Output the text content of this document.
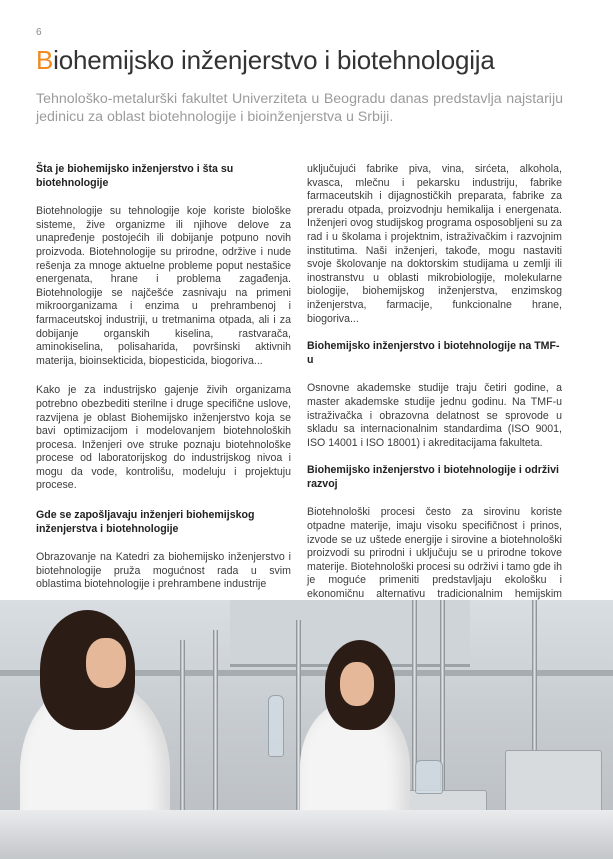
6
Biohemijsko inženjerstvo i biotehnologija

Tehnološko-metalurški fakultet Univerziteta u Beogradu danas predstavlja najstariju jedinicu za oblast biotehnologije i bioinženjerstva u Srbiji.

Šta je biohemijsko inženjerstvo i šta su biotehnologije

Biotehnologije su tehnologije koje koriste biološke sisteme, žive organizme ili njihove delove za unapređenje postojećih ili dobijanje potpuno novih proizvoda. Biotehnologije su prirodne, održive i nude rešenja za mnoge aktuelne probleme poput nestašice energenata, hrane i problema zagađenja. Biotehnologije se najčešće zasnivaju na primeni mikroorganizama i enzima u prehrambenoj i farmaceutskoj industriji, u tretmanima otpada, ali i za dobijanje organskih kiselina, rastvarača, aminokiselina, polisaharida, površinski aktivnih materija, bioinsekticida, biopesticida, biogoriva...

Kako je za industrijsko gajenje živih organizama potrebno obezbediti sterilne i druge specifične uslove, razvijena je oblast Biohemijsko inženjerstvo koja se bavi optimizacijom i modelovanjem biotehnoloških procesa. Inženjeri ove struke poznaju biotehnološke procese od laboratorijskog do industrijskog nivoa i mogu da vode, kontrolišu, modeluju i projektuju procese.

Gde se zapošljavaju inženjeri biohemijskog inženjerstva i biotehnologije

Obrazovanje na Katedri za biohemijsko inženjerstvo i biotehnologije pruža mogućnost rada u svim oblastima biotehnologije i prehrambene industrije

uključujući fabrike piva, vina, sirćeta, alkohola, kvasca, mlečnu i pekarsku industriju, fabrike farmaceutskih i dijagnostičkih preparata, fabrike za preradu otpada, proizvodnju hemikalija i energenata. Inženjeri ovog studijskog programa osposobljeni su za rad i u školama i projektnim, istraživačkim i razvojnim institutima. Naši inženjeri, takođe, mogu nastaviti svoje školovanje na doktorskim studijama u zemlji ili inostranstvu u oblasti mikrobiologije, molekularne biologije, biohemijskog inženjerstva, enzimskog inženjerstva, farmacije, funkcionalne hrane, biogoriva...

Biohemijsko inženjerstvo i biotehnologije na TMF-u

Osnovne akademske studije traju četiri godine, a master akademske studije jednu godinu. Na TMF-u istraživačka i obrazovna delatnost se sprovode u skladu sa internacionalnim standardima (ISO 9001, ISO 14001 i ISO 18001) i akreditacijama fakulteta.

Biohemijsko inženjerstvo i biotehnologije i održivi razvoj

Biotehnološki procesi često za sirovinu koriste otpadne materije, imaju visoku specifičnost i prinos, izvode se uz uštede energije i sirovine a biotehnološki proizvodi su prirodni i uključuju se u prirodne tokove materije. Biotehnološki procesi su održivi i tamo gde ih je moguće primeniti predstavljaju ekološku i ekonomičnu alternativu tradicionalnim hemijskim
